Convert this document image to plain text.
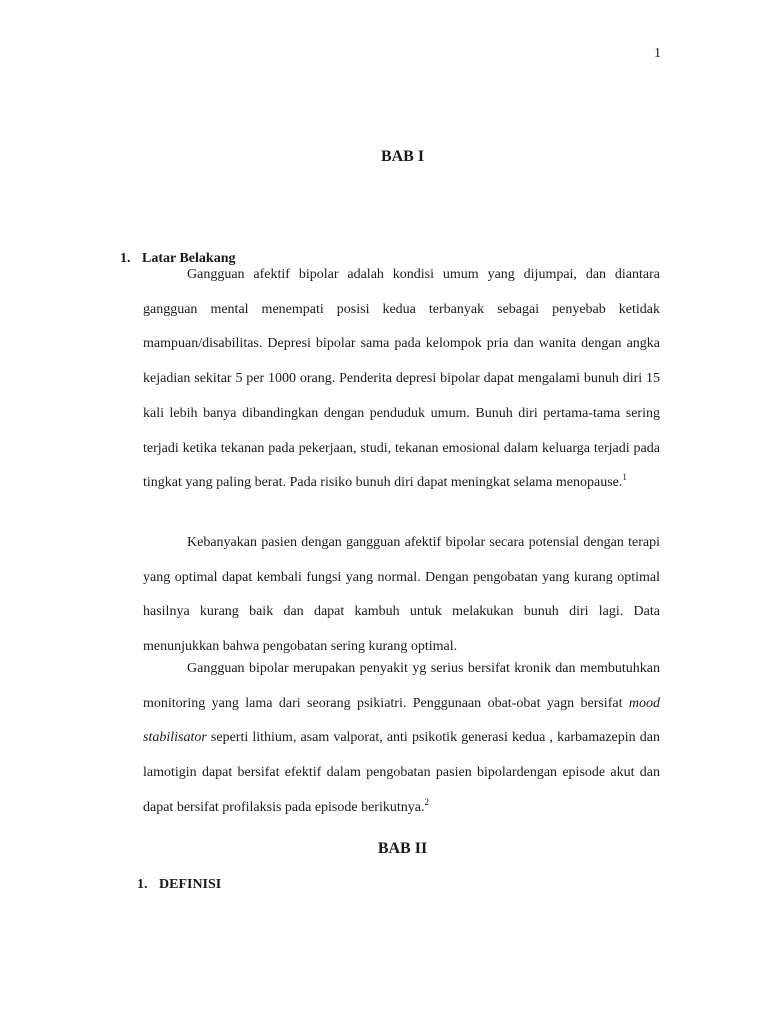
1
BAB I
1. Latar Belakang

Gangguan afektif bipolar adalah kondisi umum yang dijumpai, dan diantara gangguan mental menempati posisi kedua terbanyak sebagai penyebab ketidak mampuan/disabilitas. Depresi bipolar sama pada kelompok pria dan wanita dengan angka kejadian sekitar 5 per 1000 orang. Penderita depresi bipolar dapat mengalami bunuh diri 15 kali lebih banya dibandingkan dengan penduduk umum. Bunuh diri pertama-tama sering terjadi ketika tekanan pada pekerjaan, studi, tekanan emosional dalam keluarga terjadi pada tingkat yang paling berat. Pada risiko bunuh diri dapat meningkat selama menopause.$^1$

Kebanyakan pasien dengan gangguan afektif bipolar secara potensial dengan terapi yang optimal dapat kembali fungsi yang normal. Dengan pengobatan yang kurang optimal hasilnya kurang baik dan dapat kambuh untuk melakukan bunuh diri lagi. Data menunjukkan bahwa pengobatan sering kurang optimal.

Gangguan bipolar merupakan penyakit yg serius bersifat kronik dan membutuhkan monitoring yang lama dari seorang psikiatri. Penggunaan obat-obat yagn bersifat mood stabilisator seperti lithium, asam valporat, anti psikotik generasi kedua , karbamazepin dan lamotigin dapat bersifat efektif dalam pengobatan pasien bipolardengan episode akut dan dapat bersifat profilaksis pada episode berikutnya.$^2$

BAB II
1. DEFINISI
